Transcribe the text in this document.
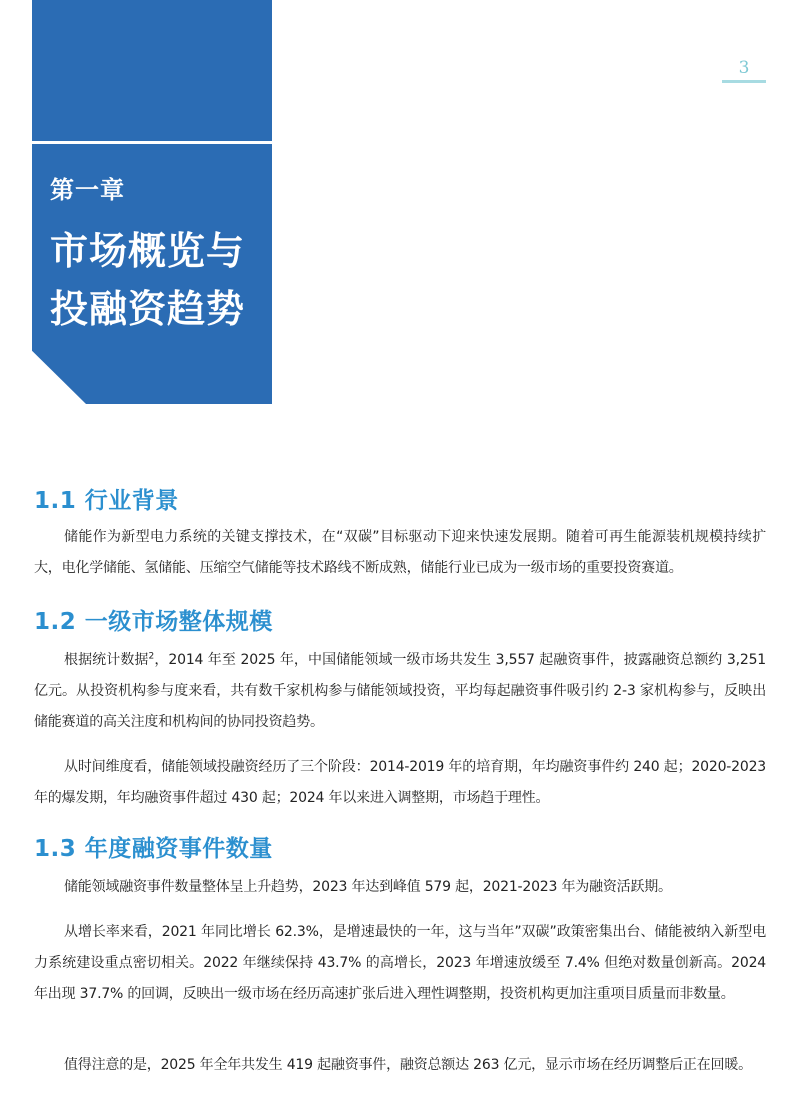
第一章
市场概览与
投融资趋势
3
1.1 行业背景

储能作为新型电力系统的关键支撑技术，在“双碳”目标驱动下迎来快速发展期。随着可再生能源装机规模持续扩大，电化学储能、氢储能、压缩空气储能等技术路线不断成熟，储能行业已成为一级市场的重要投资赛道。

1.2 一级市场整体规模

根据统计数据$^2$，2014 年至 2025 年，中国储能领域一级市场共发生 3,557 起融资事件，披露融资总额约 3,251 亿元。从投资机构参与度来看，共有数千家机构参与储能领域投资，平均每起融资事件吸引约 2-3 家机构参与，反映出储能赛道的高关注度和机构间的协同投资趋势。

从时间维度看，储能领域投融资经历了三个阶段：2014-2019 年的培育期，年均融资事件约 240 起；2020-2023 年的爆发期，年均融资事件超过 430 起；2024 年以来进入调整期，市场趋于理性。

1.3 年度融资事件数量

储能领域融资事件数量整体呈上升趋势，2023 年达到峰值 579 起，2021-2023 年为融资活跃期。

从增长率来看，2021 年同比增长 62.3%，是增速最快的一年，这与当年”双碳”政策密集出台、储能被纳入新型电力系统建设重点密切相关。2022 年继续保持 43.7% 的高增长，2023 年增速放缓至 7.4% 但绝对数量创新高。2024 年出现 37.7% 的回调，反映出一级市场在经历高速扩张后进入理性调整期，投资机构更加注重项目质量而非数量。

值得注意的是，2025 年全年共发生 419 起融资事件，融资总额达 263 亿元，显示市场在经历调整后正在回暖。
